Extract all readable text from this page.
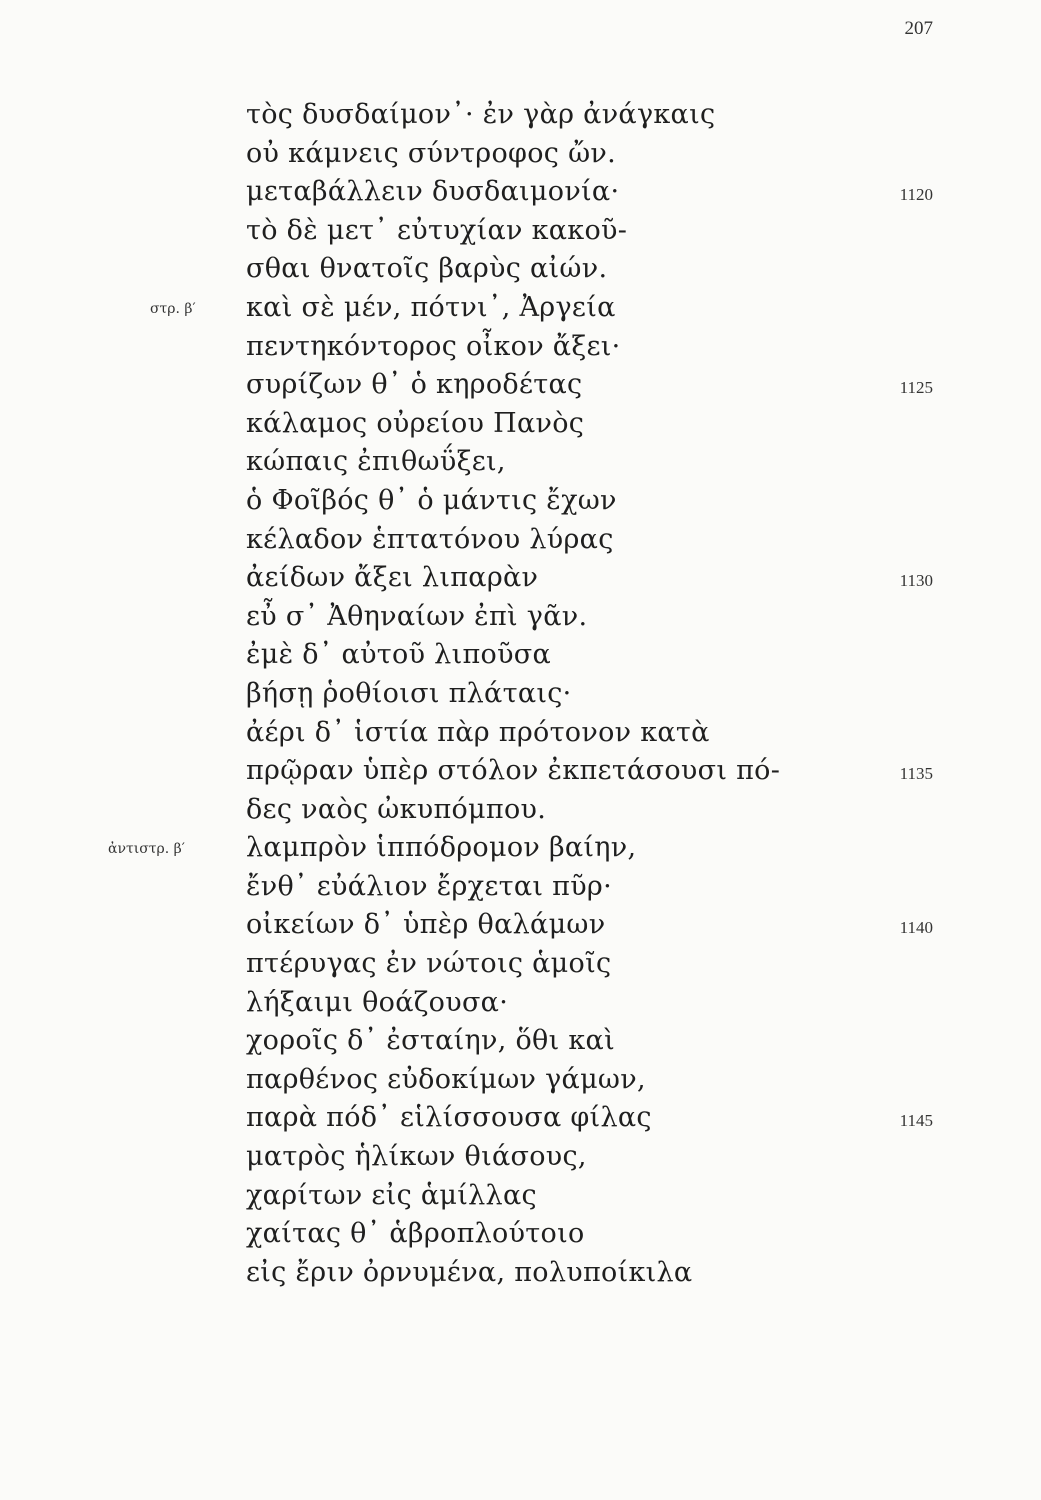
207
τὸς δυσδαίμον᾽· ἐν γὰρ ἀνάγκαις
οὐ κάμνεις σύντροφος ὤν.
μεταβάλλειν δυσδαιμονία·	1120
τὸ δὲ μετ᾽ εὐτυχίαν κακοῦ-
σθαι θνατοῖς βαρὺς αἰών.
στρ. β′ καὶ σὲ μέν, πότνι᾽, Ἀργεία
πεντηκόντορος οἶκον ἄξει·
συρίζων θ᾽ ὁ κηροδέτας	1125
κάλαμος οὐρείου Πανὸς
κώπαις ἐπιθωΰξει,
ὁ Φοῖβός θ᾽ ὁ μάντις ἔχων
κέλαδον ἑπτατόνου λύρας
ἀείδων ἄξει λιπαρὰν	1130
εὖ σ᾽ Ἀθηναίων ἐπὶ γᾶν.
ἐμὲ δ᾽ αὐτοῦ λιποῦσα
βήσῃ ῥοθίοισι πλάταις·
ἀέρι δ᾽ ἱστία πὰρ πρότονον κατὰ
πρῷραν ὑπὲρ στόλον ἐκπετάσουσι πό-	1135
δες ναὸς ὠκυπόμπου.
ἀντιστρ. β′ λαμπρὸν ἱππόδρομον βαίην,
ἔνθ᾽ εὐάλιον ἔρχεται πῦρ·
οἰκείων δ᾽ ὑπὲρ θαλάμων	1140
πτέρυγας ἐν νώτοις ἁμοῖς
λήξαιμι θοάζουσα·
χοροῖς δ᾽ ἐσταίην, ὅθι καὶ
παρθένος εὐδοκίμων γάμων,
παρὰ πόδ᾽ εἱλίσσουσα φίλας	1145
ματρὸς ἡλίκων θιάσους,
χαρίτων εἰς ἁμίλλας
χαίτας θ᾽ ἁβροπλούτοιο
εἰς ἔριν ὀρνυμένα, πολυποίκιλα
